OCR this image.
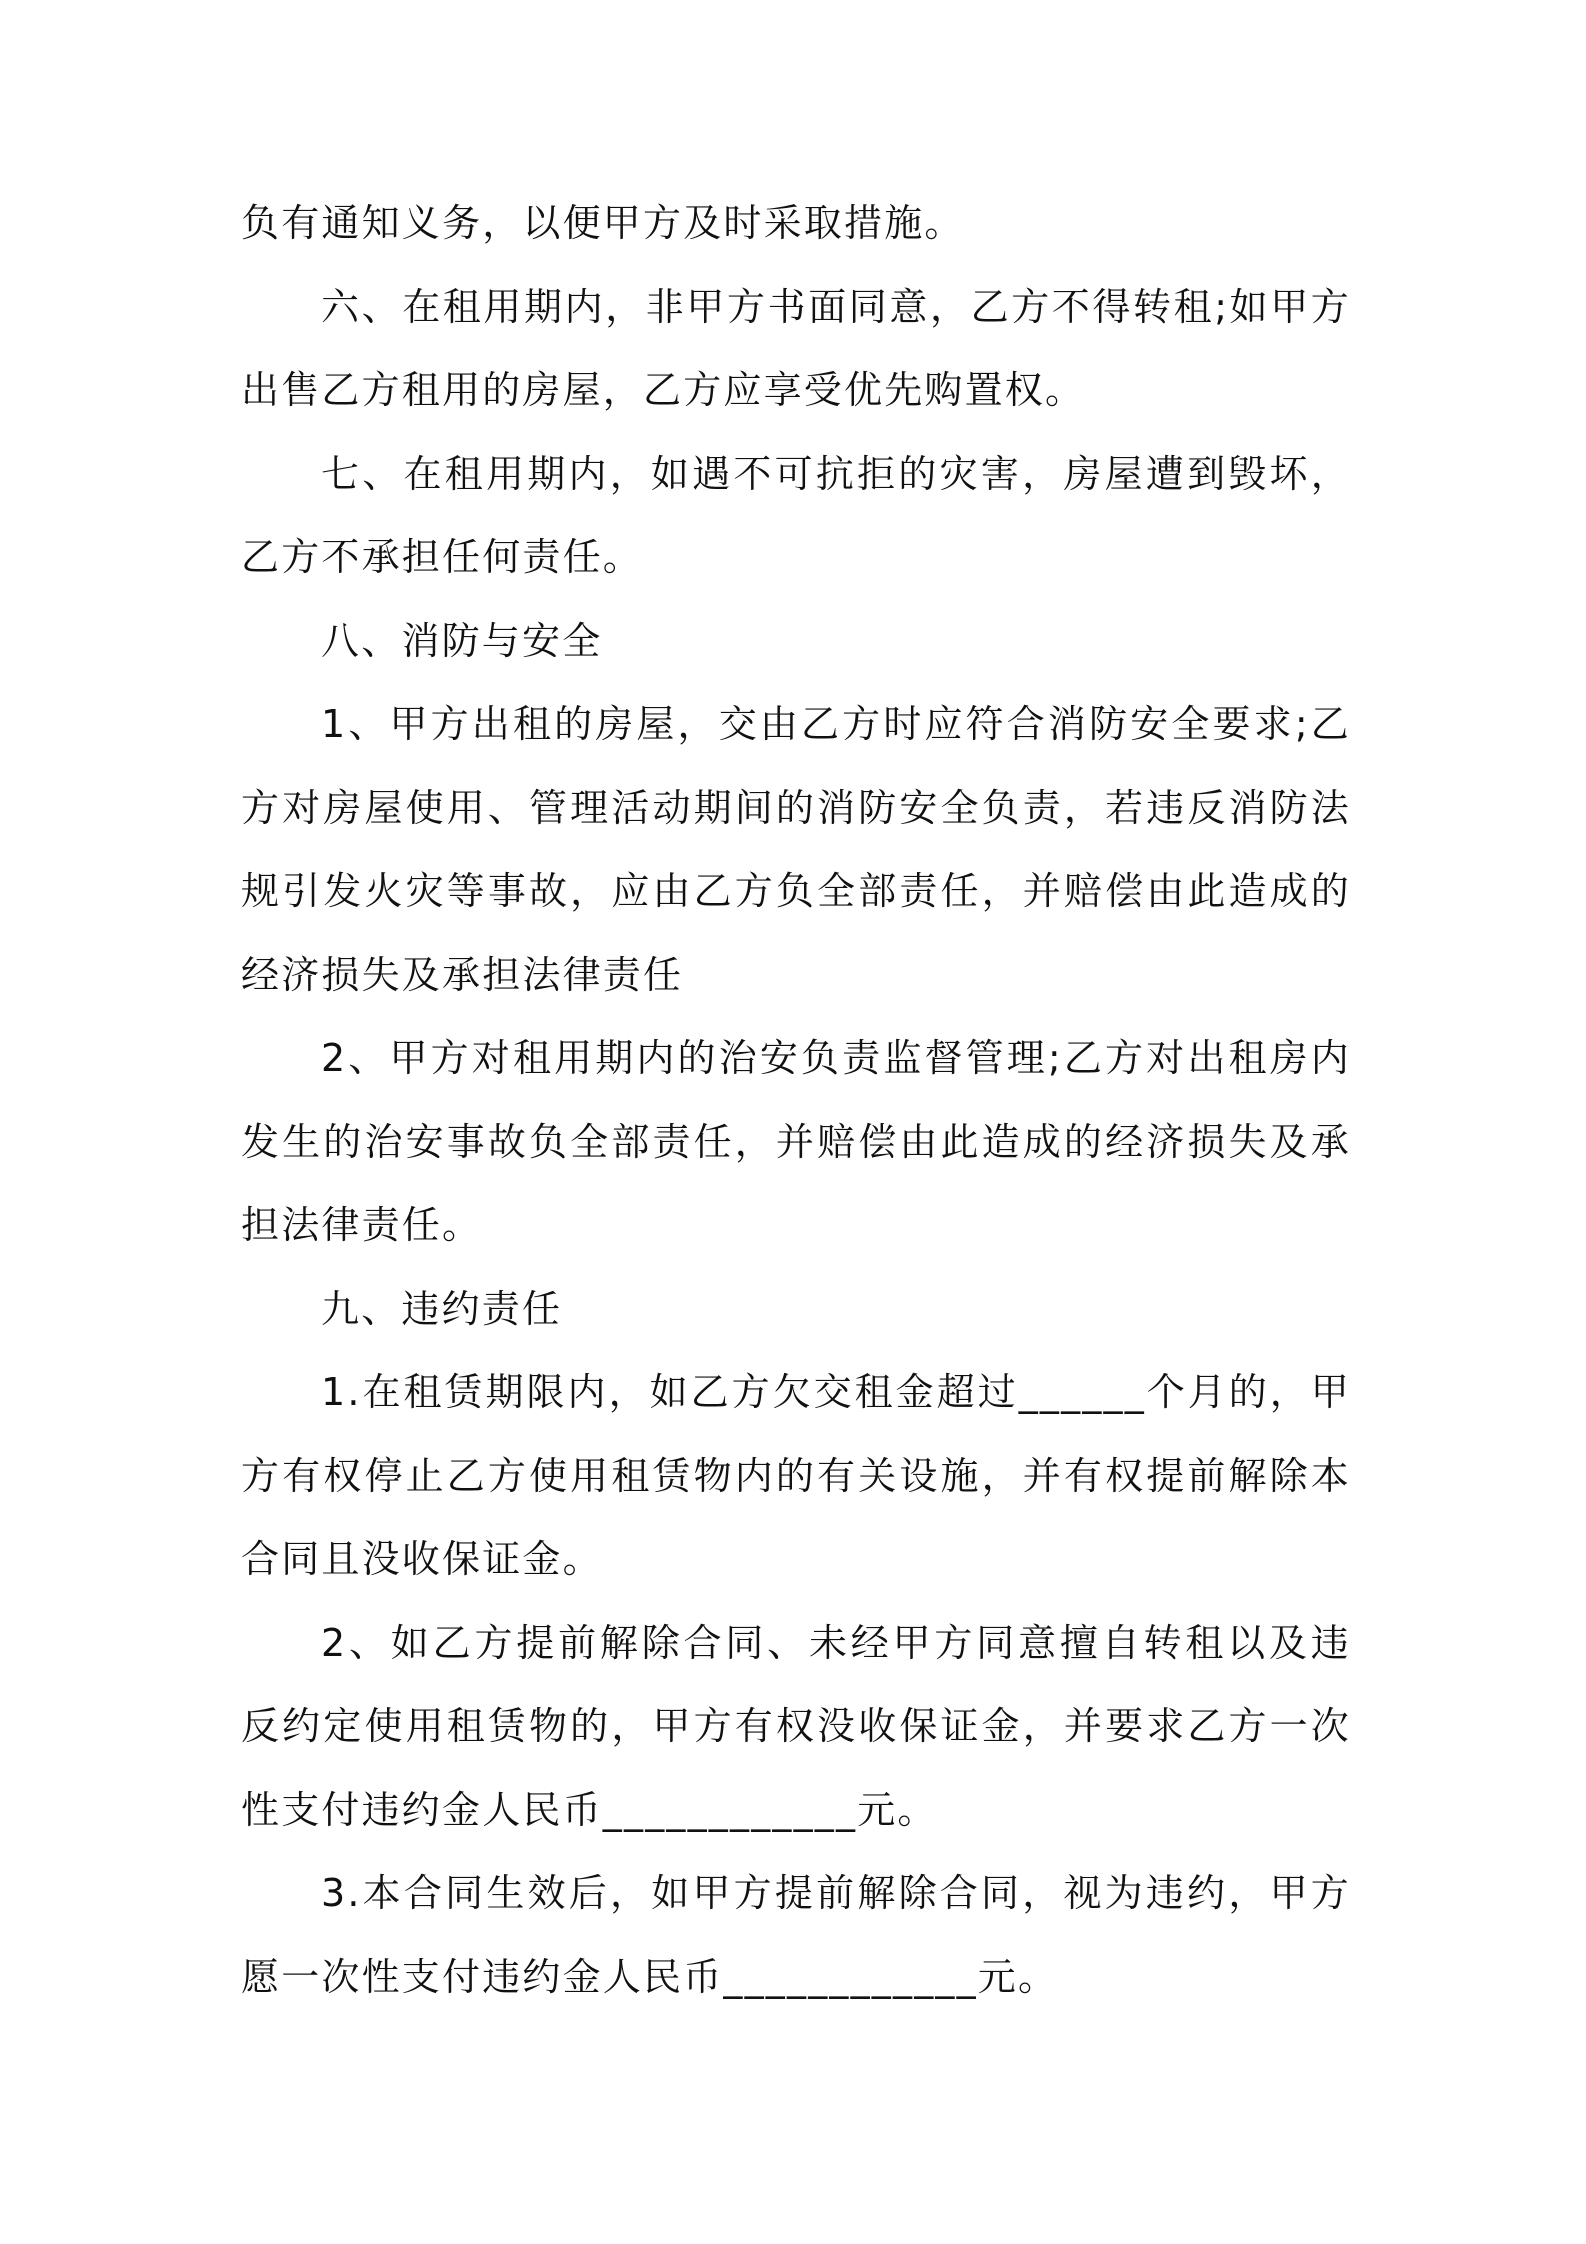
负有通知义务，以便甲方及时采取措施。

六、在租用期内，非甲方书面同意，乙方不得转租;如甲方出售乙方租用的房屋，乙方应享受优先购置权。

七、在租用期内，如遇不可抗拒的灾害，房屋遭到毁坏，乙方不承担任何责任。

八、消防与安全

1、甲方出租的房屋，交由乙方时应符合消防安全要求;乙方对房屋使用、管理活动期间的消防安全负责，若违反消防法规引发火灾等事故，应由乙方负全部责任，并赔偿由此造成的经济损失及承担法律责任

2、甲方对租用期内的治安负责监督管理;乙方对出租房内发生的治安事故负全部责任，并赔偿由此造成的经济损失及承担法律责任。

九、违约责任

1.在租赁期限内，如乙方欠交租金超过______个月的，甲方有权停止乙方使用租赁物内的有关设施，并有权提前解除本合同且没收保证金。

2、如乙方提前解除合同、未经甲方同意擅自转租以及违反约定使用租赁物的，甲方有权没收保证金，并要求乙方一次性支付违约金人民币____________元。

3.本合同生效后，如甲方提前解除合同，视为违约，甲方愿一次性支付违约金人民币____________元。
